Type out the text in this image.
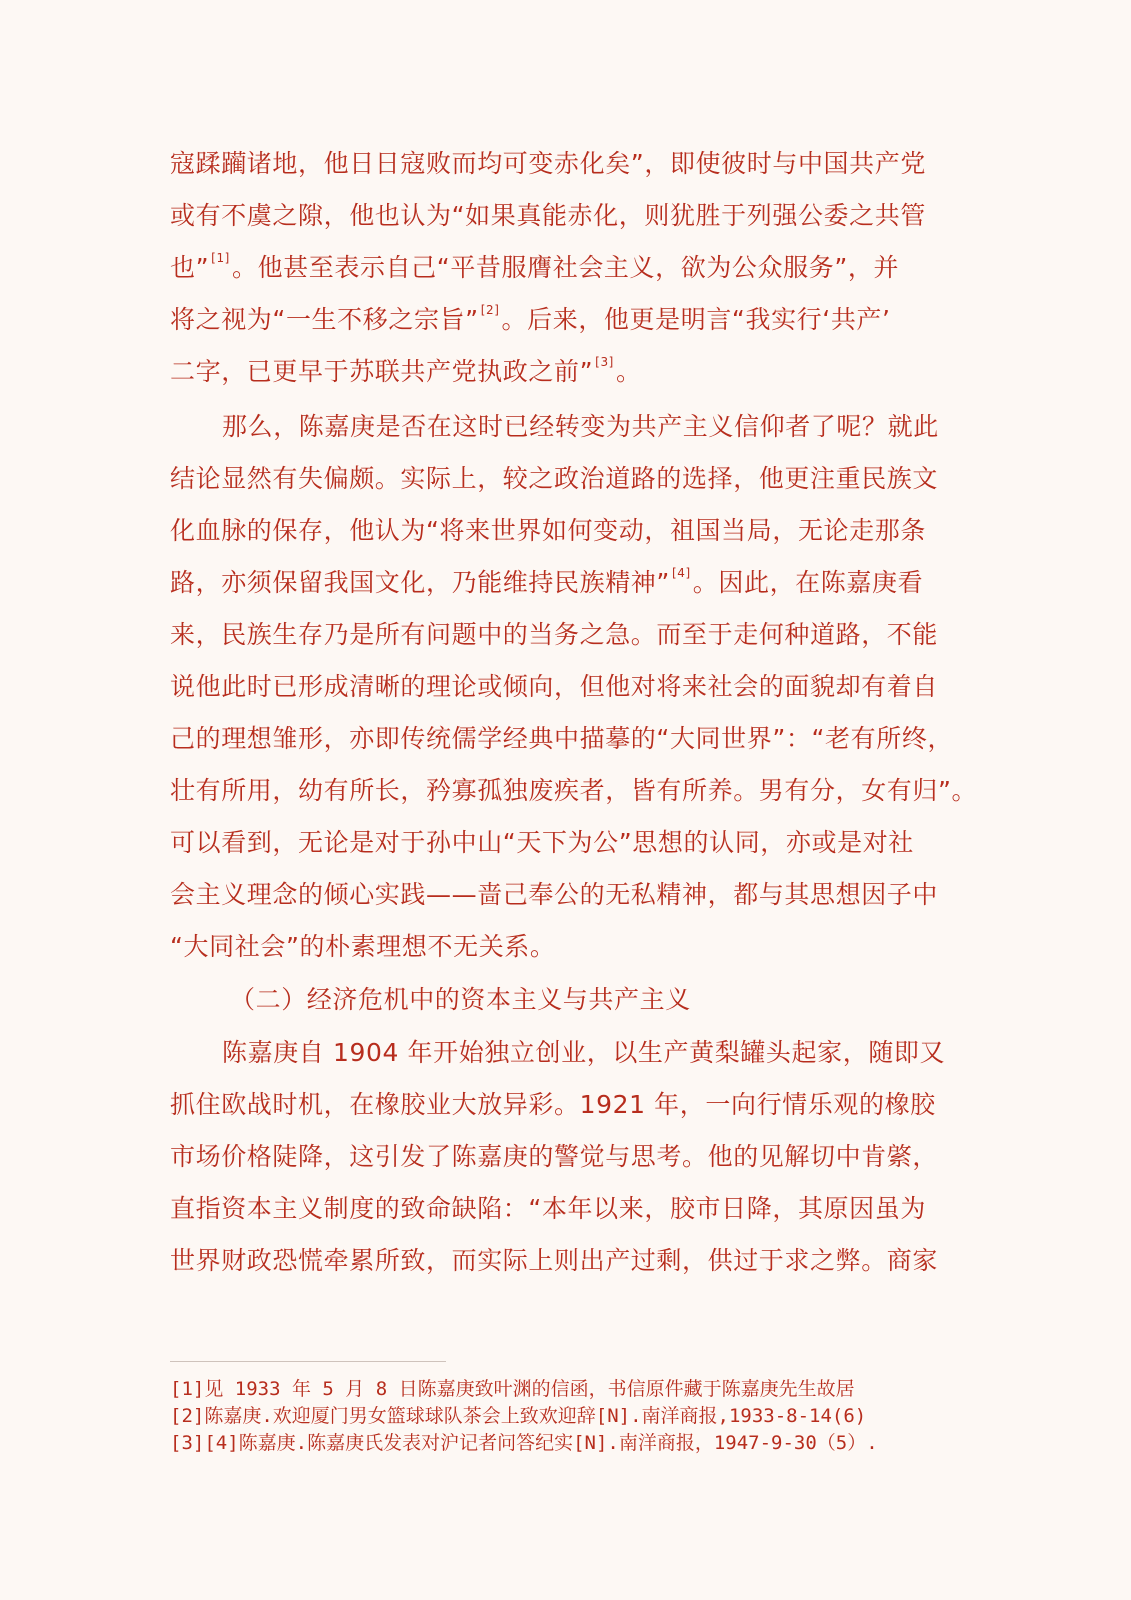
寇蹂躏诸地，他日日寇败而均可变赤化矣”，即使彼时与中国共产党
或有不虞之隙，他也认为“如果真能赤化，则犹胜于列强公委之共管
也” [1]。他甚至表示自己“平昔服膺社会主义，欲为公众服务”，并
将之视为“一生不移之宗旨” [2]。后来，他更是明言“我实行‘共产’
二字，已更早于苏联共产党执政之前” [3]。
那么，陈嘉庚是否在这时已经转变为共产主义信仰者了呢？就此
结论显然有失偏颇。实际上，较之政治道路的选择，他更注重民族文
化血脉的保存，他认为“将来世界如何变动，祖国当局，无论走那条
路，亦须保留我国文化，乃能维持民族精神” [4]。因此，在陈嘉庚看
来，民族生存乃是所有问题中的当务之急。而至于走何种道路，不能
说他此时已形成清晰的理论或倾向，但他对将来社会的面貌却有着自
己的理想雏形，亦即传统儒学经典中描摹的“大同世界”：“老有所终，
壮有所用，幼有所长，矜寡孤独废疾者，皆有所养。男有分，女有归”。
可以看到，无论是对于孙中山“天下为公”思想的认同，亦或是对社
会主义理念的倾心实践——啬己奉公的无私精神，都与其思想因子中
“大同社会”的朴素理想不无关系。
（二）经济危机中的资本主义与共产主义
陈嘉庚自 1904 年开始独立创业，以生产黄梨罐头起家，随即又
抓住欧战时机，在橡胶业大放异彩。1921 年，一向行情乐观的橡胶
市场价格陡降，这引发了陈嘉庚的警觉与思考。他的见解切中肯綮，
直指资本主义制度的致命缺陷：“本年以来，胶市日降，其原因虽为
世界财政恐慌牵累所致，而实际上则出产过剩，供过于求之弊。商家
[1]见 1933 年 5 月 8 日陈嘉庚致叶渊的信函，书信原件藏于陈嘉庚先生故居
[2]陈嘉庚.欢迎厦门男女篮球球队茶会上致欢迎辞[N].南洋商报,1933-8-14(6)
[3][4]陈嘉庚.陈嘉庚氏发表对沪记者问答纪实[N].南洋商报，1947-9-30（5）.
